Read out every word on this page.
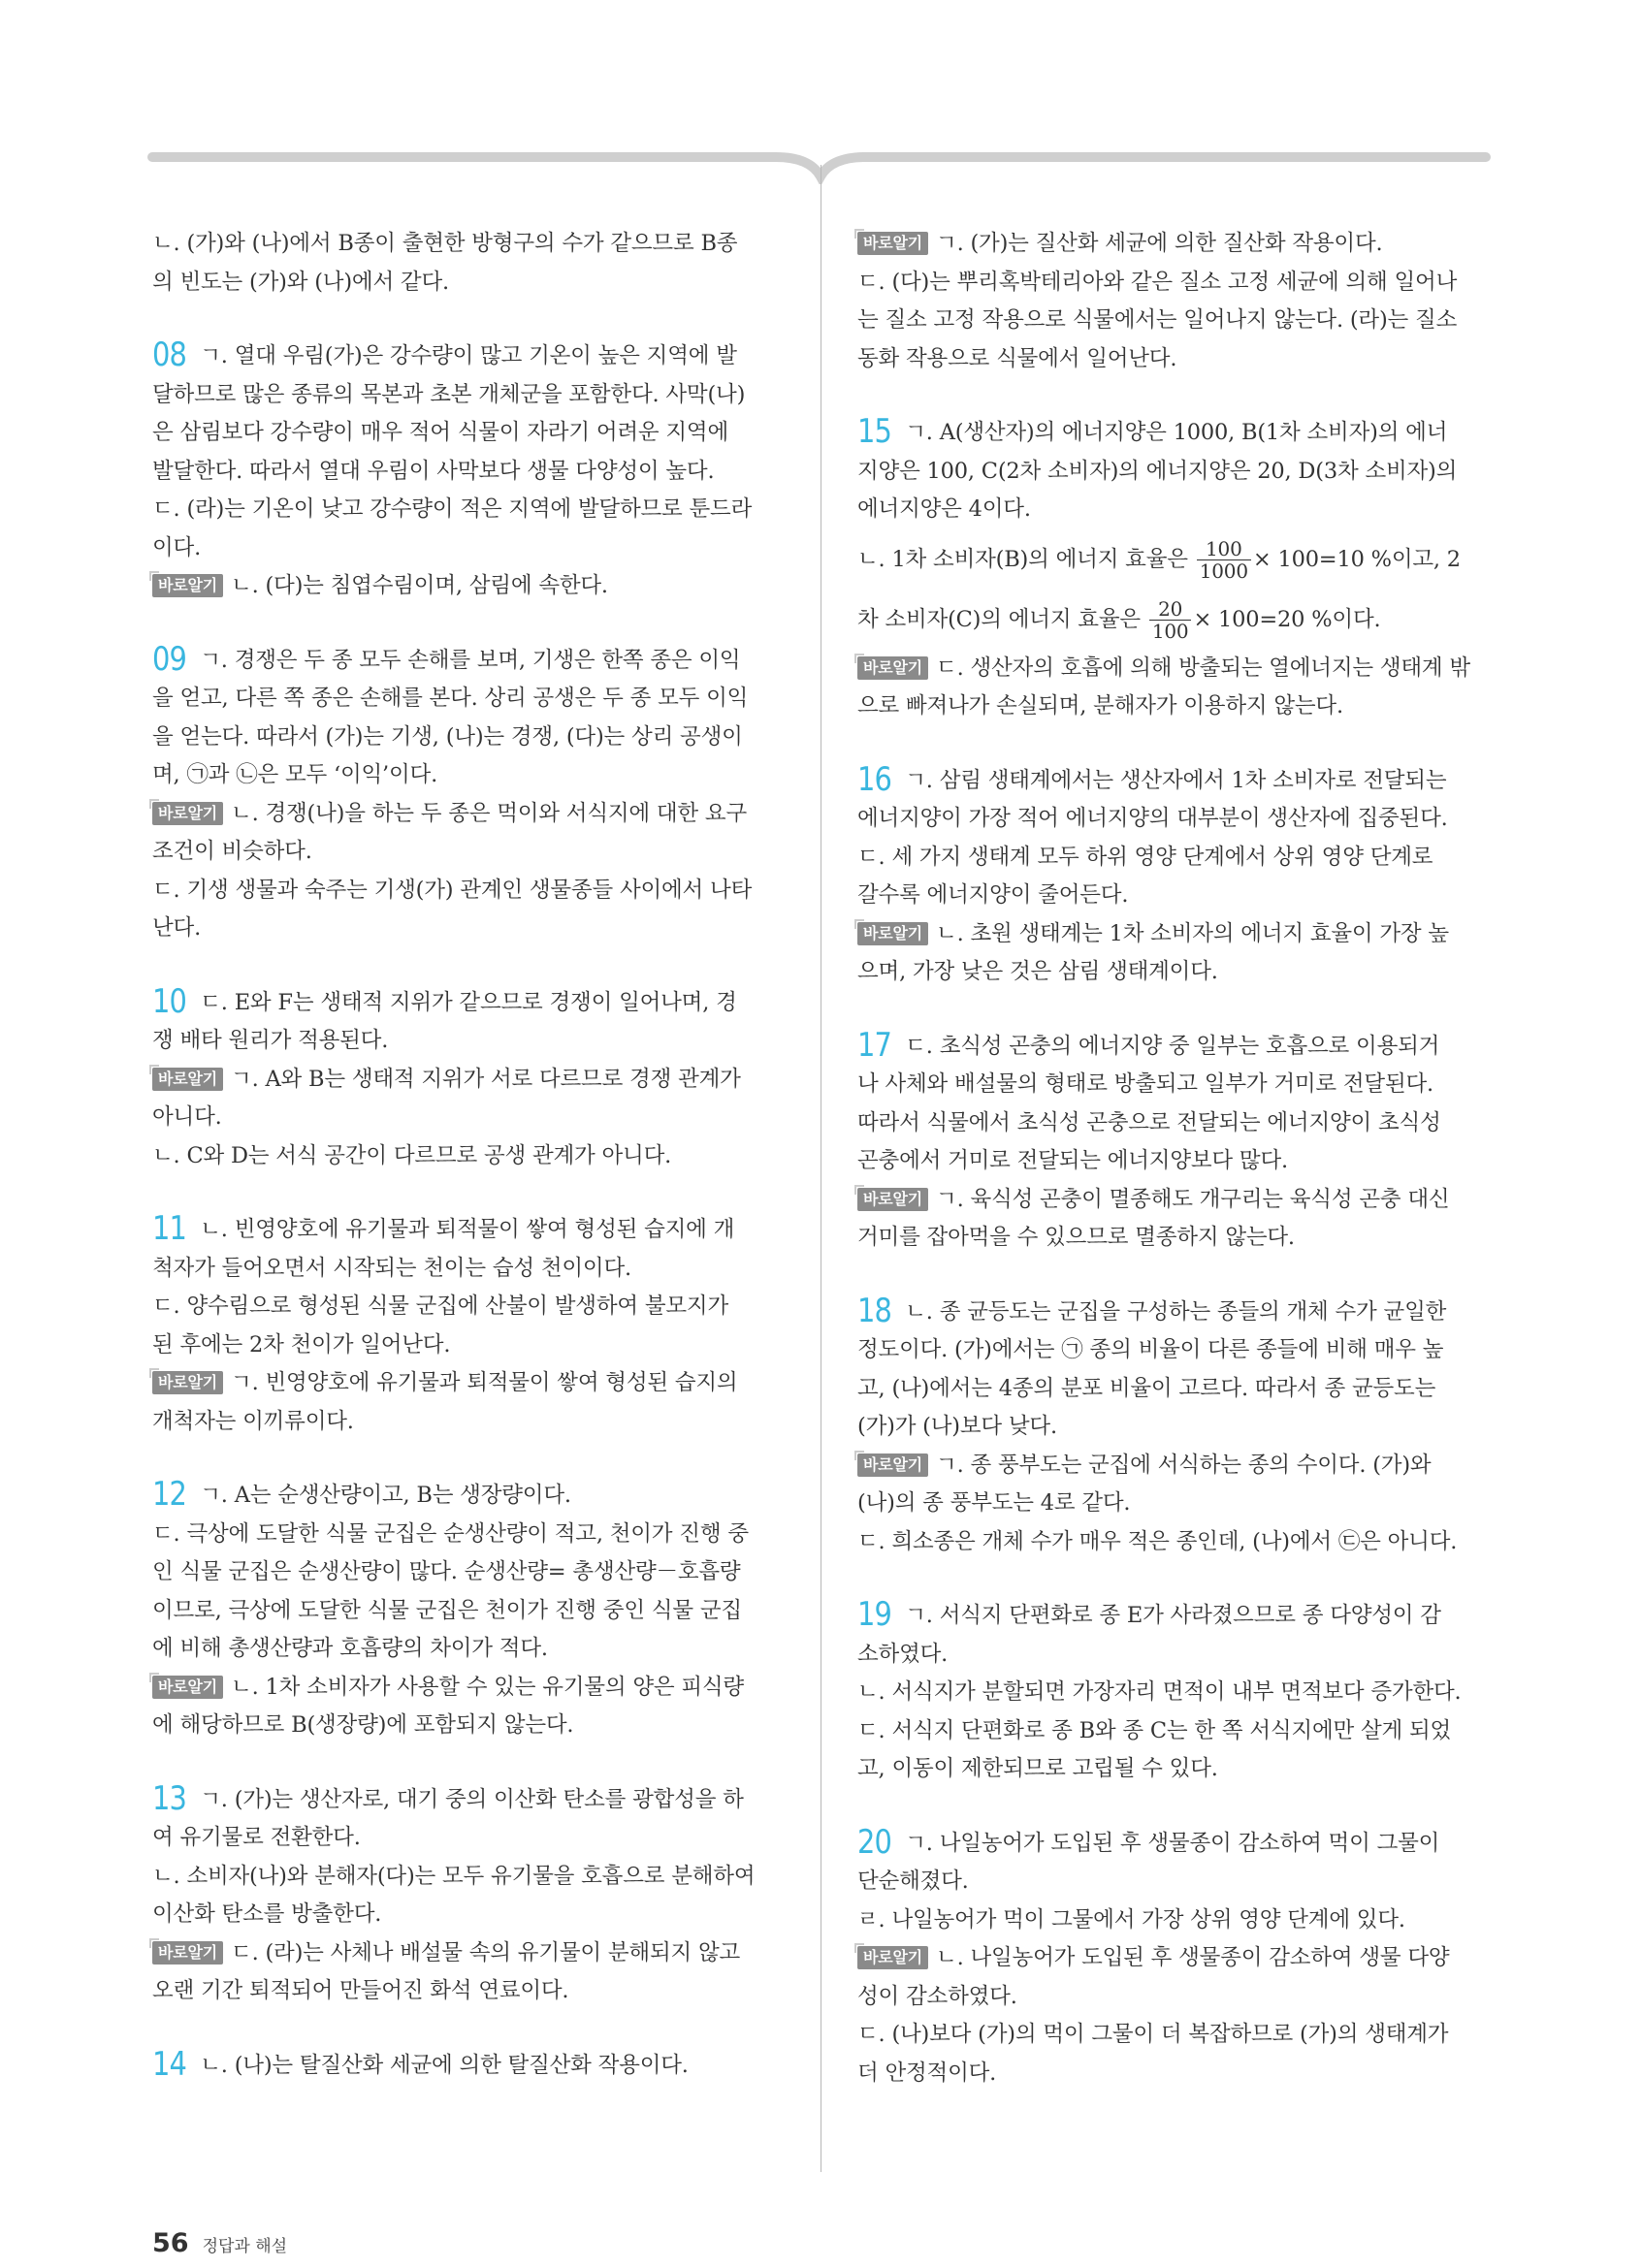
ㄴ. (가)와 (나)에서 B종이 출현한 방형구의 수가 같으므로 B종
의 빈도는 (가)와 (나)에서 같다.
08 ㄱ. 열대 우림(가)은 강수량이 많고 기온이 높은 지역에 발
달하므로 많은 종류의 목본과 초본 개체군을 포함한다. 사막(나)
은 삼림보다 강수량이 매우 적어 식물이 자라기 어려운 지역에
발달한다. 따라서 열대 우림이 사막보다 생물 다양성이 높다.
ㄷ. (라)는 기온이 낮고 강수량이 적은 지역에 발달하므로 툰드라
이다.
바로알기 ㄴ. (다)는 침엽수림이며, 삼림에 속한다.
09 ㄱ. 경쟁은 두 종 모두 손해를 보며, 기생은 한쪽 종은 이익
을 얻고, 다른 쪽 종은 손해를 본다. 상리 공생은 두 종 모두 이익
을 얻는다. 따라서 (가)는 기생, (나)는 경쟁, (다)는 상리 공생이
며, ㉠과 ㉡은 모두 ‘이익’이다.
바로알기 ㄴ. 경쟁(나)을 하는 두 종은 먹이와 서식지에 대한 요구
조건이 비슷하다.
ㄷ. 기생 생물과 숙주는 기생(가) 관계인 생물종들 사이에서 나타
난다.
10 ㄷ. E와 F는 생태적 지위가 같으므로 경쟁이 일어나며, 경
쟁 배타 원리가 적용된다.
바로알기 ㄱ. A와 B는 생태적 지위가 서로 다르므로 경쟁 관계가
아니다.
ㄴ. C와 D는 서식 공간이 다르므로 공생 관계가 아니다.
11 ㄴ. 빈영양호에 유기물과 퇴적물이 쌓여 형성된 습지에 개
척자가 들어오면서 시작되는 천이는 습성 천이이다.
ㄷ. 양수림으로 형성된 식물 군집에 산불이 발생하여 불모지가
된 후에는 2차 천이가 일어난다.
바로알기 ㄱ. 빈영양호에 유기물과 퇴적물이 쌓여 형성된 습지의
개척자는 이끼류이다.
12 ㄱ. A는 순생산량이고, B는 생장량이다.
ㄷ. 극상에 도달한 식물 군집은 순생산량이 적고, 천이가 진행 중
인 식물 군집은 순생산량이 많다. 순생산량= 총생산량－호흡량
이므로, 극상에 도달한 식물 군집은 천이가 진행 중인 식물 군집
에 비해 총생산량과 호흡량의 차이가 적다.
바로알기 ㄴ. 1차 소비자가 사용할 수 있는 유기물의 양은 피식량
에 해당하므로 B(생장량)에 포함되지 않는다.
13 ㄱ. (가)는 생산자로, 대기 중의 이산화 탄소를 광합성을 하
여 유기물로 전환한다.
ㄴ. 소비자(나)와 분해자(다)는 모두 유기물을 호흡으로 분해하여
이산화 탄소를 방출한다.
바로알기 ㄷ. (라)는 사체나 배설물 속의 유기물이 분해되지 않고
오랜 기간 퇴적되어 만들어진 화석 연료이다.
14 ㄴ. (나)는 탈질산화 세균에 의한 탈질산화 작용이다.
바로알기 ㄱ. (가)는 질산화 세균에 의한 질산화 작용이다.
ㄷ. (다)는 뿌리혹박테리아와 같은 질소 고정 세균에 의해 일어나
는 질소 고정 작용으로 식물에서는 일어나지 않는다. (라)는 질소
동화 작용으로 식물에서 일어난다.
15 ㄱ. A(생산자)의 에너지양은 1000, B(1차 소비자)의 에너
지양은 100, C(2차 소비자)의 에너지양은 20, D(3차 소비자)의
에너지양은 4이다.
ㄴ. 1차 소비자(B)의 에너지 효율은 $\frac{100}{1000} \times 100=10$ %이고, 2
차 소비자(C)의 에너지 효율은 $\frac{20}{100} \times 100=20$ %이다.
바로알기 ㄷ. 생산자의 호흡에 의해 방출되는 열에너지는 생태계 밖
으로 빠져나가 손실되며, 분해자가 이용하지 않는다.
16 ㄱ. 삼림 생태계에서는 생산자에서 1차 소비자로 전달되는
에너지양이 가장 적어 에너지양의 대부분이 생산자에 집중된다.
ㄷ. 세 가지 생태계 모두 하위 영양 단계에서 상위 영양 단계로
갈수록 에너지양이 줄어든다.
바로알기 ㄴ. 초원 생태계는 1차 소비자의 에너지 효율이 가장 높
으며, 가장 낮은 것은 삼림 생태계이다.
17 ㄷ. 초식성 곤충의 에너지양 중 일부는 호흡으로 이용되거
나 사체와 배설물의 형태로 방출되고 일부가 거미로 전달된다.
따라서 식물에서 초식성 곤충으로 전달되는 에너지양이 초식성
곤충에서 거미로 전달되는 에너지양보다 많다.
바로알기 ㄱ. 육식성 곤충이 멸종해도 개구리는 육식성 곤충 대신
거미를 잡아먹을 수 있으므로 멸종하지 않는다.
18 ㄴ. 종 균등도는 군집을 구성하는 종들의 개체 수가 균일한
정도이다. (가)에서는 ㉠ 종의 비율이 다른 종들에 비해 매우 높
고, (나)에서는 4종의 분포 비율이 고르다. 따라서 종 균등도는
(가)가 (나)보다 낮다.
바로알기 ㄱ. 종 풍부도는 군집에 서식하는 종의 수이다. (가)와
(나)의 종 풍부도는 4로 같다.
ㄷ. 희소종은 개체 수가 매우 적은 종인데, (나)에서 ㉢은 아니다.
19 ㄱ. 서식지 단편화로 종 E가 사라졌으므로 종 다양성이 감
소하였다.
ㄴ. 서식지가 분할되면 가장자리 면적이 내부 면적보다 증가한다.
ㄷ. 서식지 단편화로 종 B와 종 C는 한 쪽 서식지에만 살게 되었
고, 이동이 제한되므로 고립될 수 있다.
20 ㄱ. 나일농어가 도입된 후 생물종이 감소하여 먹이 그물이
단순해졌다.
ㄹ. 나일농어가 먹이 그물에서 가장 상위 영양 단계에 있다.
바로알기 ㄴ. 나일농어가 도입된 후 생물종이 감소하여 생물 다양
성이 감소하였다.
ㄷ. (나)보다 (가)의 먹이 그물이 더 복잡하므로 (가)의 생태계가
더 안정적이다.
56 정답과 해설
